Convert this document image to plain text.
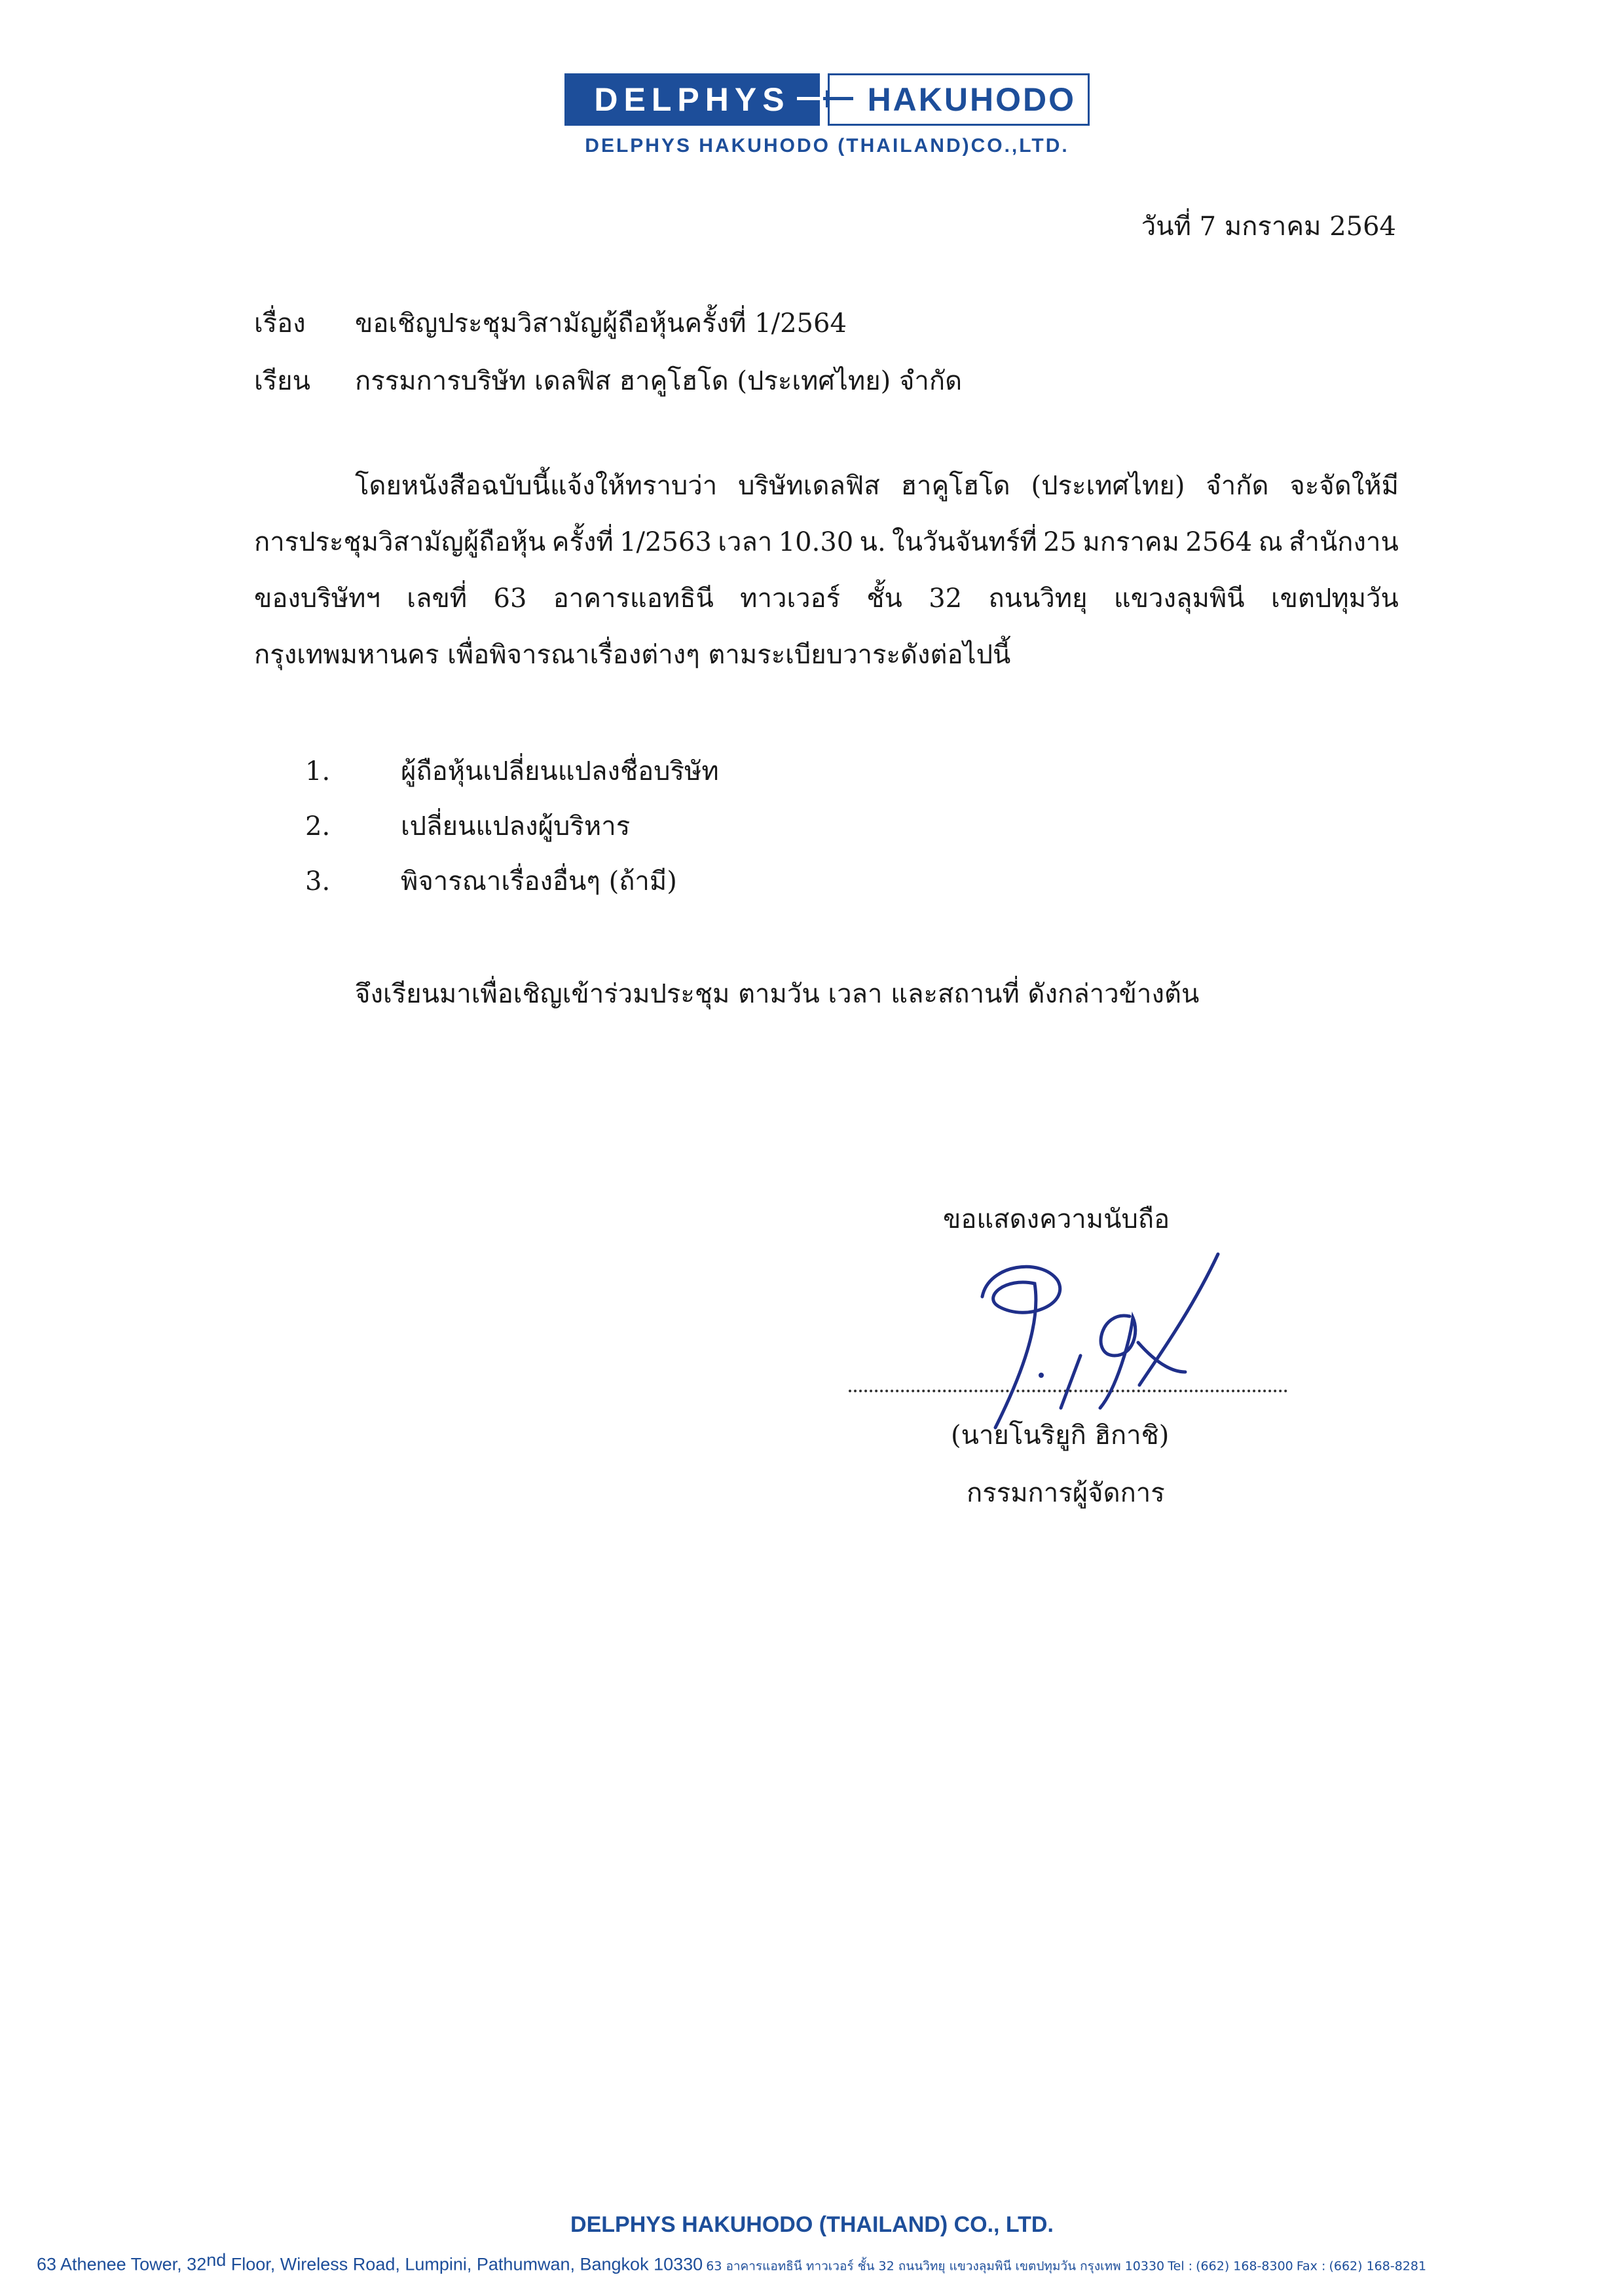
DELPHYS	HAKUHODO
DELPHYS HAKUHODO (THAILAND)CO.,LTD.
วันที่ 7 มกราคม 2564
เรื่อง ขอเชิญประชุมวิสามัญผู้ถือหุ้นครั้งที่ 1/2564
เรียน กรรมการบริษัท เดลฟิส ฮาคูโฮโด (ประเทศไทย) จำกัด
โดยหนังสือฉบับนี้แจ้งให้ทราบว่า บริษัทเดลฟิส ฮาคูโฮโด (ประเทศไทย) จำกัด จะจัดให้มี
การประชุมวิสามัญผู้ถือหุ้น ครั้งที่ 1/2563 เวลา 10.30 น. ในวันจันทร์ที่ 25 มกราคม 2564 ณ สำนักงาน
ของบริษัทฯ เลขที่ 63 อาคารแอทธินี ทาวเวอร์ ชั้น 32 ถนนวิทยุ แขวงลุมพินี เขตปทุมวัน
กรุงเทพมหานคร เพื่อพิจารณาเรื่องต่างๆ ตามระเบียบวาระดังต่อไปนี้
1.	ผู้ถือหุ้นเปลี่ยนแปลงชื่อบริษัท
2.	เปลี่ยนแปลงผู้บริหาร
3.	พิจารณาเรื่องอื่นๆ (ถ้ามี)
จึงเรียนมาเพื่อเชิญเข้าร่วมประชุม ตามวัน เวลา และสถานที่ ดังกล่าวข้างต้น
ขอแสดงความนับถือ
(นายโนริยูกิ ฮิกาชิ)
กรรมการผู้จัดการ
DELPHYS HAKUHODO (THAILAND) CO., LTD.
63 Athenee Tower, 32nd Floor, Wireless Road, Lumpini, Pathumwan, Bangkok 10330 63 อาคารแอทธินี ทาวเวอร์ ชั้น 32 ถนนวิทยุ แขวงลุมพินี เขตปทุมวัน กรุงเทพ 10330 Tel : (662) 168-8300 Fax : (662) 168-8281
